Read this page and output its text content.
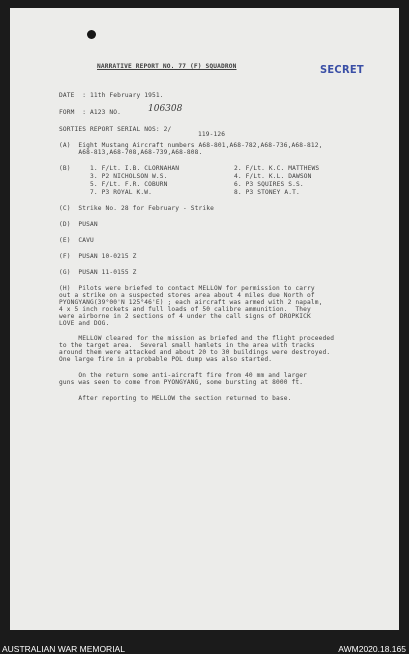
NARRATIVE REPORT NO. 77 (F) SQUADRON	SECRET
DATE  : 11th February 1951.
FORM  : A123 NO.	106308
SORTIES REPORT SERIAL NOS: 2/
119-126
(A)  Eight Mustang Aircraft numbers A68-801,A68-782,A68-736,A68-812,
A68-813,A68-708,A68-739,A68-808.
(B)	1. F/Lt. I.B. CLORNAHAN	2. F/Lt. K.C. MATTHEWS
3. P2 NICHOLSON W.S.	4. F/Lt. K.L. DAWSON
5. F/Lt. F.R. COBURN	6. P3 SQUIRES S.S.
7. P3 ROYAL K.W.	8. P3 STONEY A.T.
(C)  Strike No. 28 for February - Strike
(D)  PUSAN
(E)  CAVU
(F)  PUSAN 10-0215 Z
(G)  PUSAN 11-0155 Z
(H)  Pilots were briefed to contact MELLOW for permission to carry
out a strike on a suspected stores area about 4 miles due North of
PYONGYANG(39°00'N 125°46'E) ; each aircraft was armed with 2 napalm,
4 x 5 inch rockets and full loads of 50 calibre ammunition.  They
were airborne in 2 sections of 4 under the call signs of DROPKICK
LOVE and DOG.
MELLOW cleared for the mission as briefed and the flight proceeded
to the target area.  Several small hamlets in the area with tracks
around them were attacked and about 20 to 30 buildings were destroyed.
One large fire in a probable POL dump was also started.
On the return some anti-aircraft fire from 40 mm and larger
guns was seen to come from PYONGYANG, some bursting at 8000 ft.
After reporting to MELLOW the section returned to base.
AUSTRALIAN WAR MEMORIAL	AWM2020.18.165
